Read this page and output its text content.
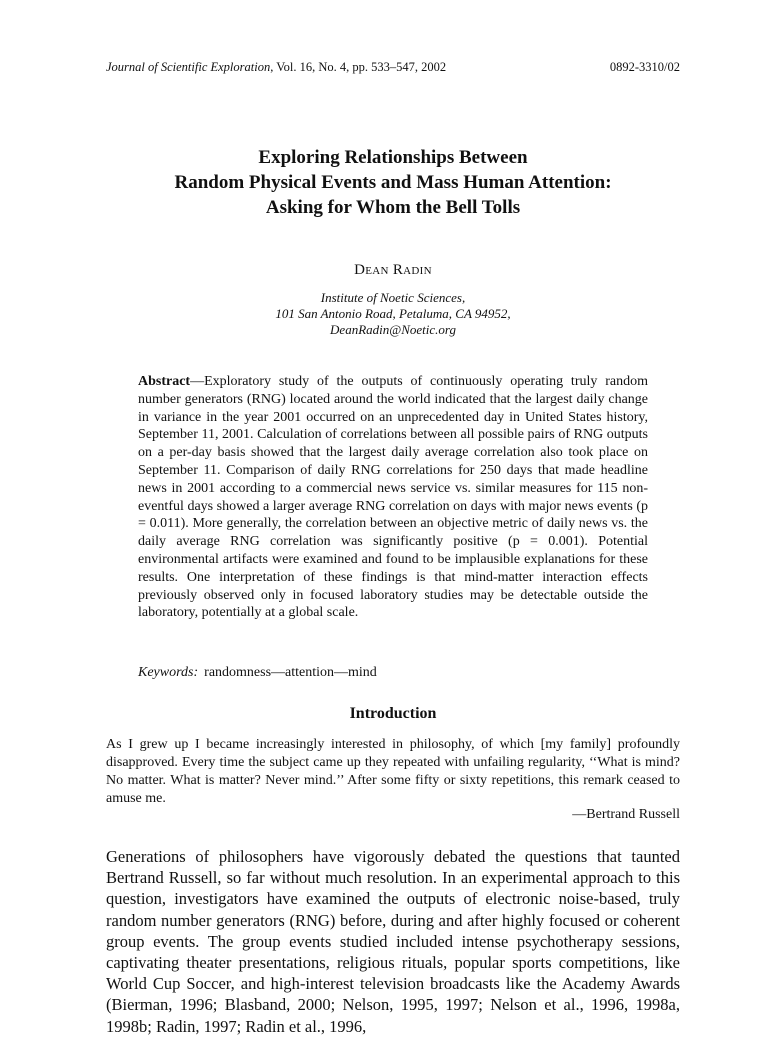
Journal of Scientific Exploration, Vol. 16, No. 4, pp. 533–547, 2002	0892-3310/02
Exploring Relationships Between
Random Physical Events and Mass Human Attention:
Asking for Whom the Bell Tolls
Dean Radin
Institute of Noetic Sciences,
101 San Antonio Road, Petaluma, CA 94952,
DeanRadin@Noetic.org
Abstract—Exploratory study of the outputs of continuously operating truly random number generators (RNG) located around the world indicated that the largest daily change in variance in the year 2001 occurred on an unprecedented day in United States history, September 11, 2001. Calculation of correlations between all possible pairs of RNG outputs on a per-day basis showed that the largest daily average correlation also took place on September 11. Comparison of daily RNG correlations for 250 days that made headline news in 2001 according to a commercial news service vs. similar measures for 115 non-eventful days showed a larger average RNG correlation on days with major news events (p = 0.011). More generally, the correlation between an objective metric of daily news vs. the daily average RNG correlation was significantly positive (p = 0.001). Potential environmental artifacts were examined and found to be implausible explanations for these results. One interpretation of these findings is that mind-matter interaction effects previously observed only in focused laboratory studies may be detectable outside the laboratory, potentially at a global scale.
Keywords: randomness—attention—mind
Introduction
As I grew up I became increasingly interested in philosophy, of which [my family] profoundly disapproved. Every time the subject came up they repeated with unfailing regularity, ‘‘What is mind? No matter. What is matter? Never mind.’’ After some fifty or sixty repetitions, this remark ceased to amuse me.
—Bertrand Russell
Generations of philosophers have vigorously debated the questions that taunted Bertrand Russell, so far without much resolution. In an experimental approach to this question, investigators have examined the outputs of electronic noise-based, truly random number generators (RNG) before, during and after highly focused or coherent group events. The group events studied included intense psychotherapy sessions, captivating theater presentations, religious rituals, popular sports competitions, like World Cup Soccer, and high-interest television broadcasts like the Academy Awards (Bierman, 1996; Blasband, 2000; Nelson, 1995, 1997; Nelson et al., 1996, 1998a, 1998b; Radin, 1997; Radin et al., 1996,
